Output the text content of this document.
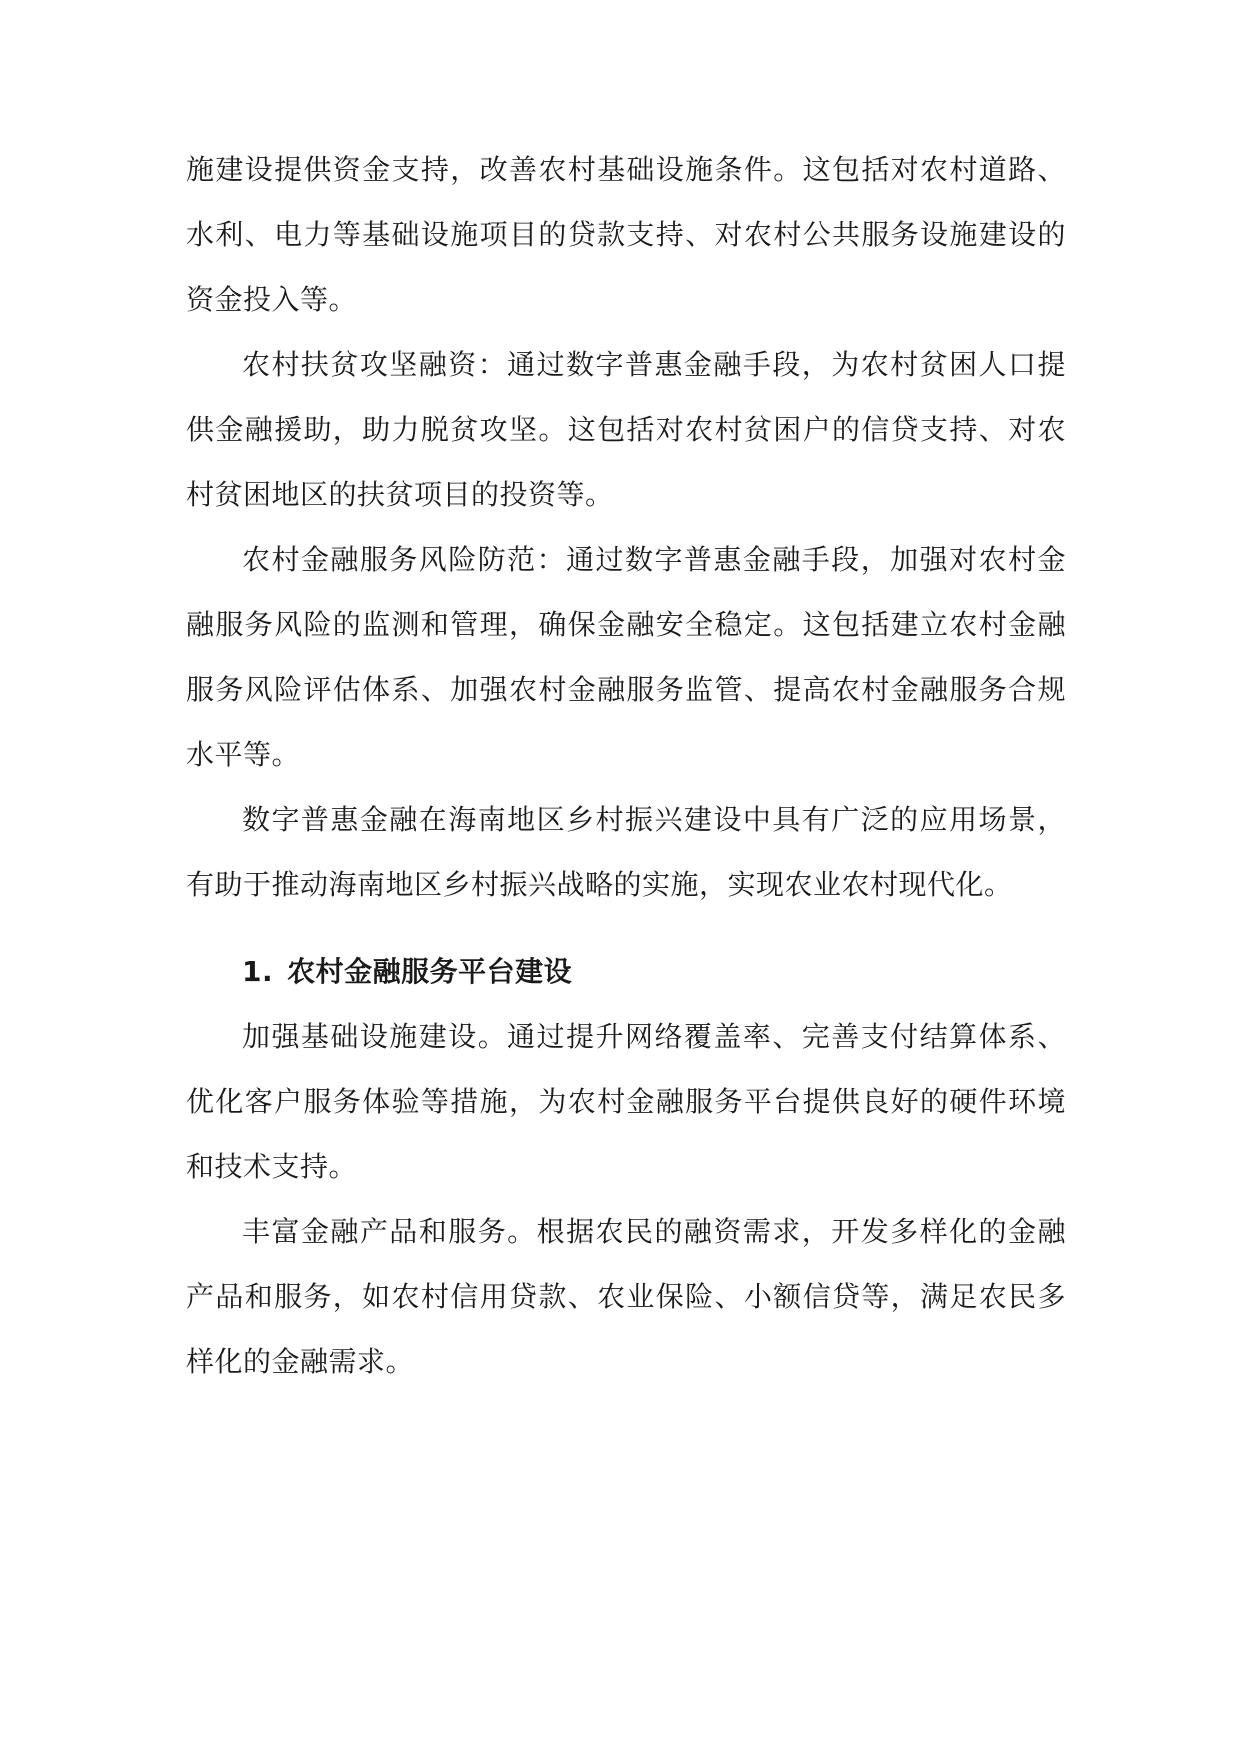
施建设提供资金支持，改善农村基础设施条件。这包括对农村道路、水利、电力等基础设施项目的贷款支持、对农村公共服务设施建设的资金投入等。

农村扶贫攻坚融资：通过数字普惠金融手段，为农村贫困人口提供金融援助，助力脱贫攻坚。这包括对农村贫困户的信贷支持、对农村贫困地区的扶贫项目的投资等。

农村金融服务风险防范：通过数字普惠金融手段，加强对农村金融服务风险的监测和管理，确保金融安全稳定。这包括建立农村金融服务风险评估体系、加强农村金融服务监管、提高农村金融服务合规水平等。

数字普惠金融在海南地区乡村振兴建设中具有广泛的应用场景，有助于推动海南地区乡村振兴战略的实施，实现农业农村现代化。

1. 农村金融服务平台建设

加强基础设施建设。通过提升网络覆盖率、完善支付结算体系、优化客户服务体验等措施，为农村金融服务平台提供良好的硬件环境和技术支持。

丰富金融产品和服务。根据农民的融资需求，开发多样化的金融产品和服务，如农村信用贷款、农业保险、小额信贷等，满足农民多样化的金融需求。
